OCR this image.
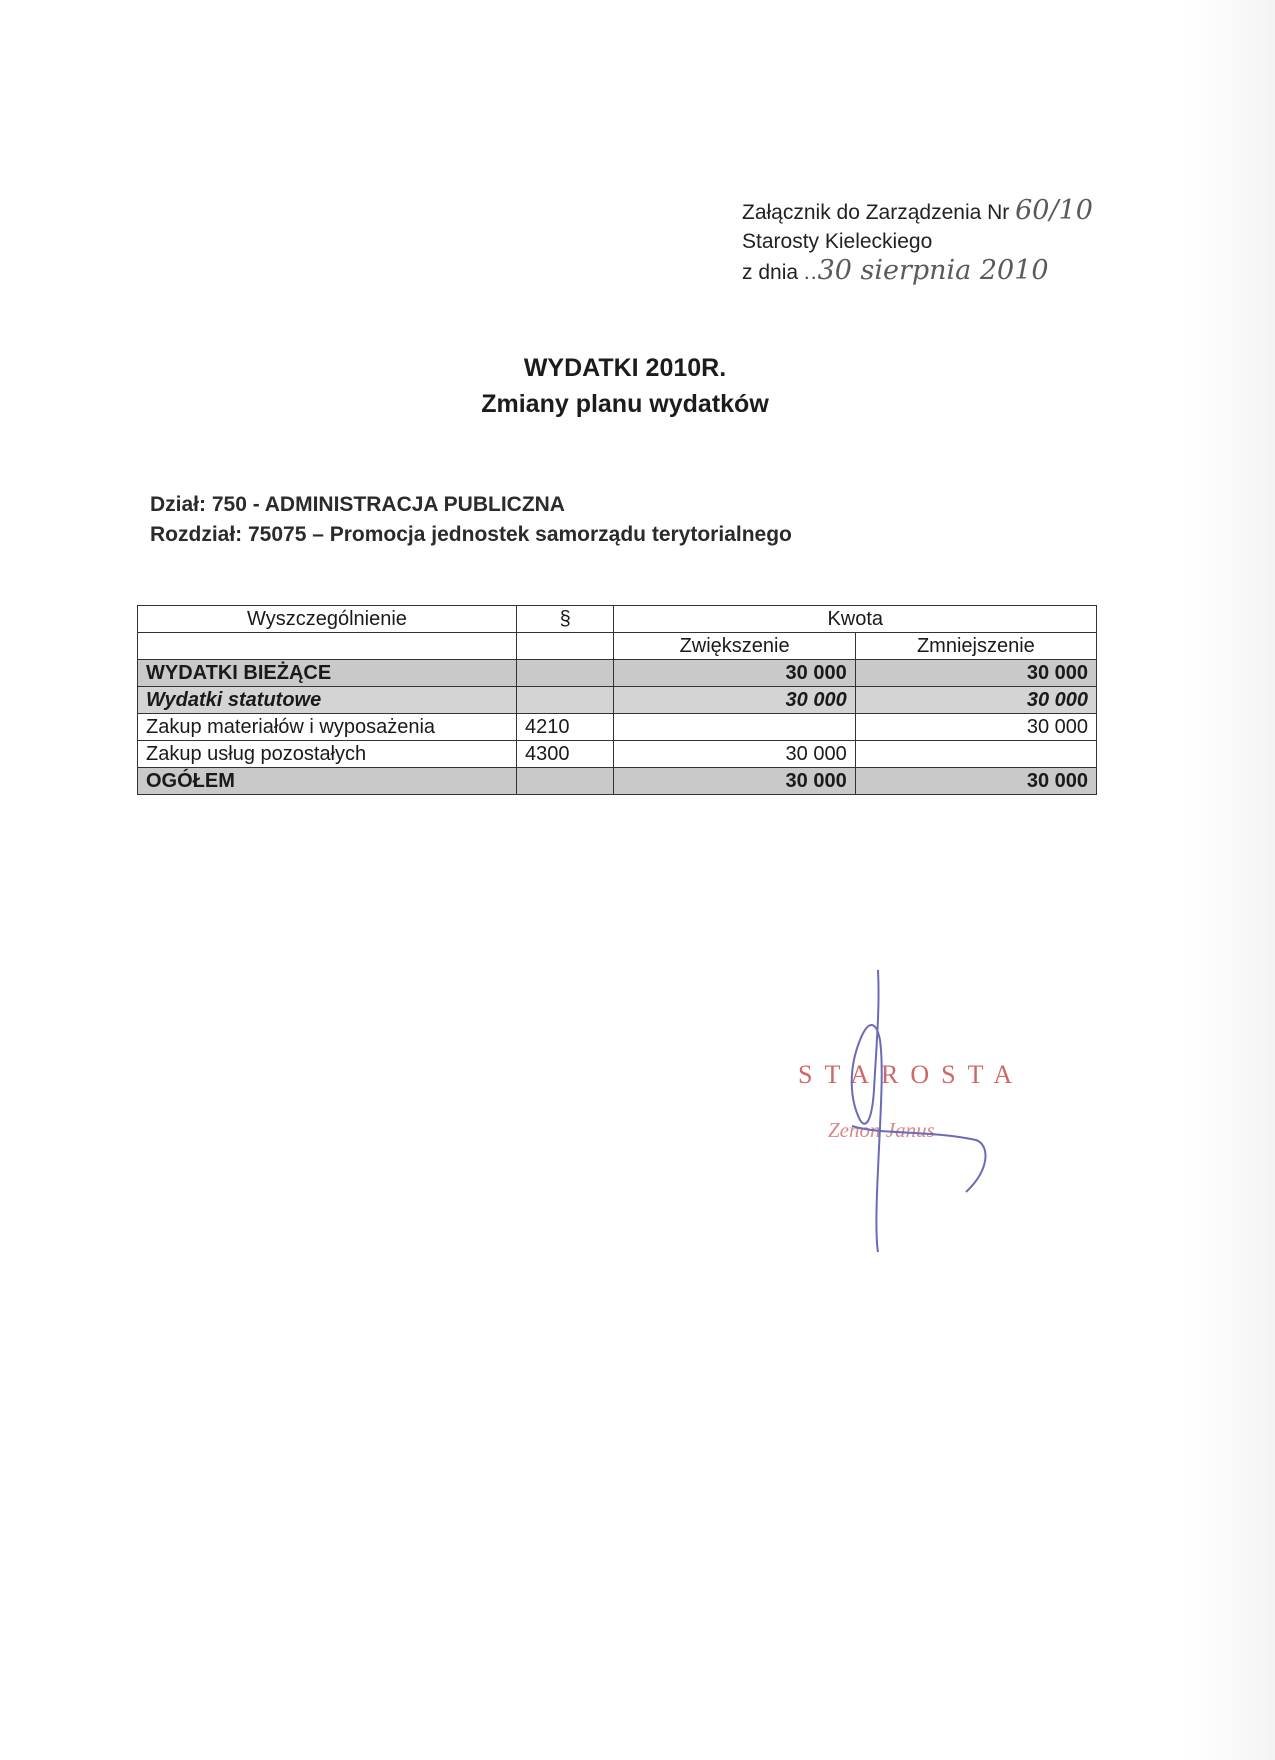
Załącznik do Zarządzenia Nr 60/10
Starosty Kieleckiego
z dnia ..30 sierpnia 2010
WYDATKI 2010R.
Zmiany planu wydatków
Dział: 750 - ADMINISTRACJA PUBLICZNA
Rozdział: 75075 – Promocja jednostek samorządu terytorialnego
Wyszczególnienie	§	Kwota	
		Zwiększenie	Zmniejszenie
WYDATKI BIEŻĄCE		30 000	30 000
Wydatki statutowe		30 000	30 000
Zakup materiałów i wyposażenia	4210		30 000
Zakup usług pozostałych	4300	30 000	
OGÓŁEM		30 000	30 000
STAROSTA
Zenon Janus
